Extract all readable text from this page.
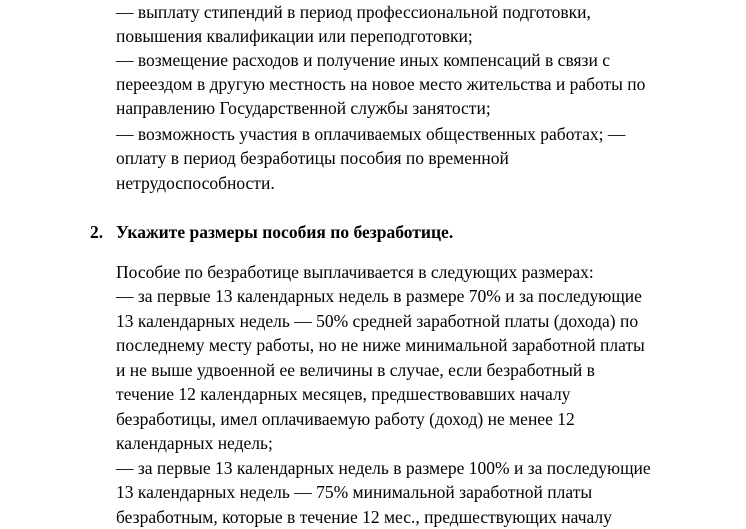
— выплату стипендий в период профессиональной подготовки,
повышения квалификации или переподготовки;
— возмещение расходов и получение иных компенсаций в связи с
переездом в другую местность на новое место жительства и работы по
направлению Государственной службы занятости;
— возможность участия в оплачиваемых общественных работах; —
оплату в период безработицы пособия по временной
нетрудоспособности.
2. Укажите размеры пособия по безработице.
Пособие по безработице выплачивается в следующих размерах:
— за первые 13 календарных недель в размере 70% и за последующие
13 календарных недель — 50% средней заработной платы (дохода) по
последнему месту работы, но не ниже минимальной заработной платы
и не выше удвоенной ее величины в случае, если безработный в
течение 12 календарных месяцев, предшествовавших началу
безработицы, имел оплачиваемую работу (доход) не менее 12
календарных недель;
— за первые 13 календарных недель в размере 100% и за последующие
13 календарных недель — 75% минимальной заработной платы
безработным, которые в течение 12 мес., предшествующих началу
